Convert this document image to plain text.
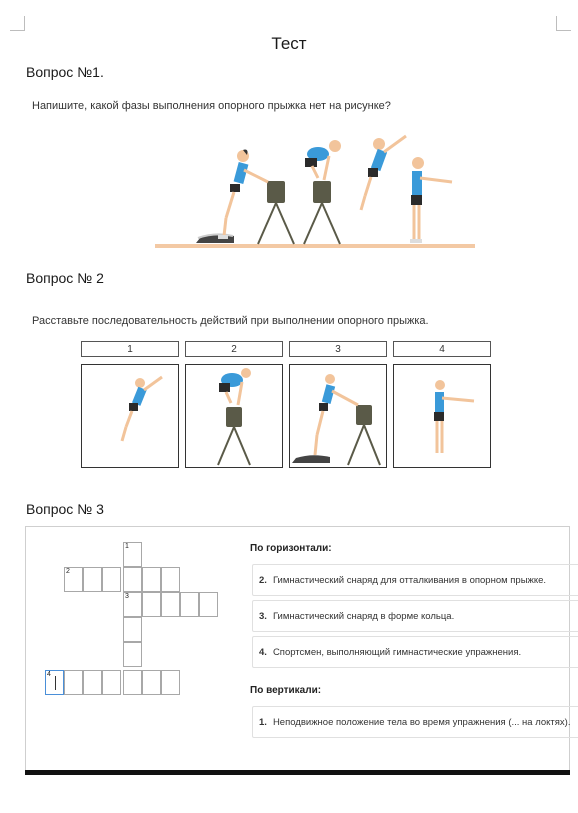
Тест
Вопрос №1.
Напишите, какой фазы выполнения опорного прыжка нет на рисунке?
Вопрос № 2
Расставьте последовательность действий при выполнении опорного прыжка.
1	2	3	4
Вопрос № 3
1
3
2
4
По горизонтали:
2. Гимнастический снаряд для отталкивания в опорном прыжке.
3. Гимнастический снаряд в форме кольца.
4. Спортсмен, выполняющий гимнастические упражнения.
По вертикали:
1. Неподвижное положение тела во время упражнения (... на локтях).
